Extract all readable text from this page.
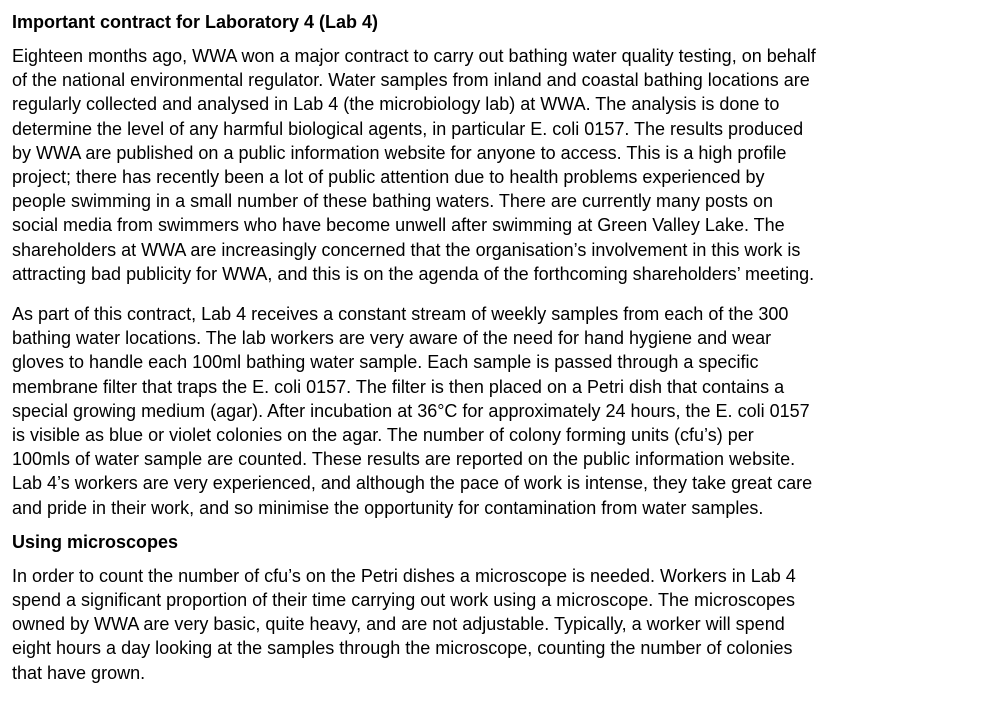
Important contract for Laboratory 4 (Lab 4)

Eighteen months ago, WWA won a major contract to carry out bathing water quality testing, on behalf
of the national environmental regulator. Water samples from inland and coastal bathing locations are
regularly collected and analysed in Lab 4 (the microbiology lab) at WWA. The analysis is done to
determine the level of any harmful biological agents, in particular E. coli 0157. The results produced
by WWA are published on a public information website for anyone to access. This is a high profile
project; there has recently been a lot of public attention due to health problems experienced by
people swimming in a small number of these bathing waters. There are currently many posts on
social media from swimmers who have become unwell after swimming at Green Valley Lake. The
shareholders at WWA are increasingly concerned that the organisation’s involvement in this work is
attracting bad publicity for WWA, and this is on the agenda of the forthcoming shareholders’ meeting.

As part of this contract, Lab 4 receives a constant stream of weekly samples from each of the 300
bathing water locations. The lab workers are very aware of the need for hand hygiene and wear
gloves to handle each 100ml bathing water sample. Each sample is passed through a specific
membrane filter that traps the E. coli 0157. The filter is then placed on a Petri dish that contains a
special growing medium (agar). After incubation at 36°C for approximately 24 hours, the E. coli 0157
is visible as blue or violet colonies on the agar. The number of colony forming units (cfu’s) per
100mls of water sample are counted. These results are reported on the public information website.
Lab 4’s workers are very experienced, and although the pace of work is intense, they take great care
and pride in their work, and so minimise the opportunity for contamination from water samples.

Using microscopes

In order to count the number of cfu’s on the Petri dishes a microscope is needed. Workers in Lab 4
spend a significant proportion of their time carrying out work using a microscope. The microscopes
owned by WWA are very basic, quite heavy, and are not adjustable. Typically, a worker will spend
eight hours a day looking at the samples through the microscope, counting the number of colonies
that have grown.
